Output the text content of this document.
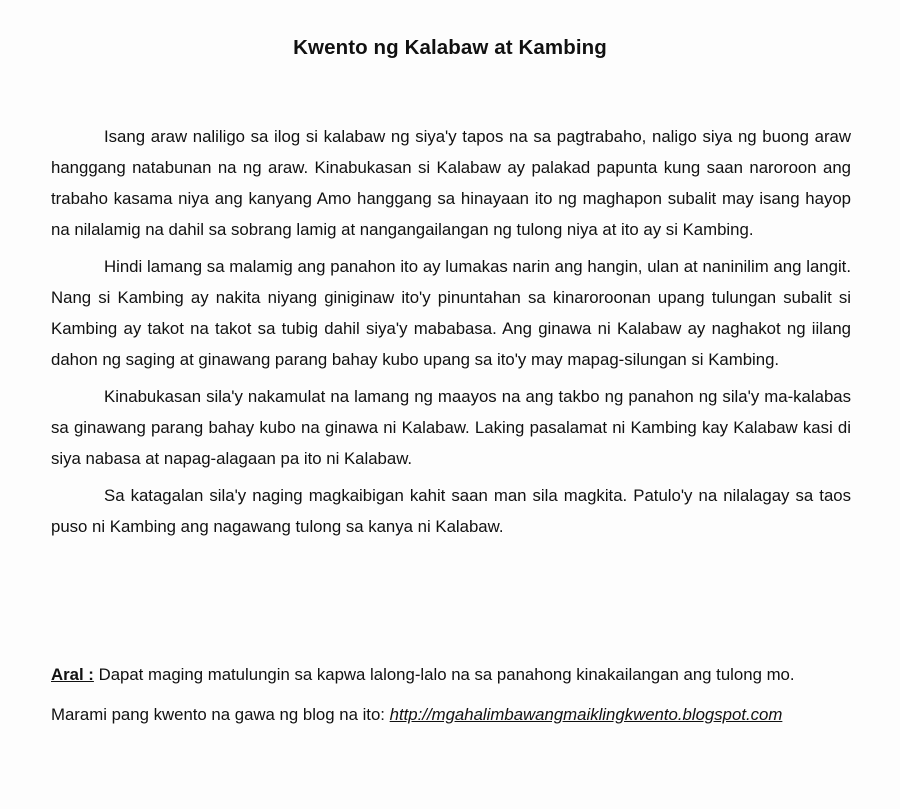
Kwento ng Kalabaw at Kambing

Isang araw naliligo sa ilog si kalabaw ng siya'y tapos na sa pagtrabaho, naligo siya ng buong araw hanggang natabunan na ng araw. Kinabukasan si Kalabaw ay palakad papunta kung saan naroroon ang trabaho kasama niya ang kanyang Amo hanggang sa hinayaan ito ng maghapon subalit may isang hayop na nilalamig na dahil sa sobrang lamig at nangangailangan ng tulong niya at ito ay si Kambing.

Hindi lamang sa malamig ang panahon ito ay lumakas narin ang hangin, ulan at naninilim ang langit. Nang si Kambing ay nakita niyang giniginaw ito'y pinuntahan sa kinaroroonan upang tulungan subalit si Kambing ay takot na takot sa tubig dahil siya'y mababasa. Ang ginawa ni Kalabaw ay naghakot ng iilang dahon ng saging at ginawang parang bahay kubo upang sa ito'y may mapag-silungan si Kambing.

Kinabukasan sila'y nakamulat na lamang ng maayos na ang takbo ng panahon ng sila'y ma-kalabas sa ginawang parang bahay kubo na ginawa ni Kalabaw. Laking pasalamat ni Kambing kay Kalabaw kasi di siya nabasa at napag-alagaan pa ito ni Kalabaw.

Sa katagalan sila'y naging magkaibigan kahit saan man sila magkita. Patulo'y na nilalagay sa taos puso ni Kambing ang nagawang tulong sa kanya ni Kalabaw.

Aral : Dapat maging matulungin sa kapwa lalong-lalo na sa panahong kinakailangan ang tulong mo.
Marami pang kwento na gawa ng blog na ito: http://mgahalimbawangmaiklingkwento.blogspot.com
